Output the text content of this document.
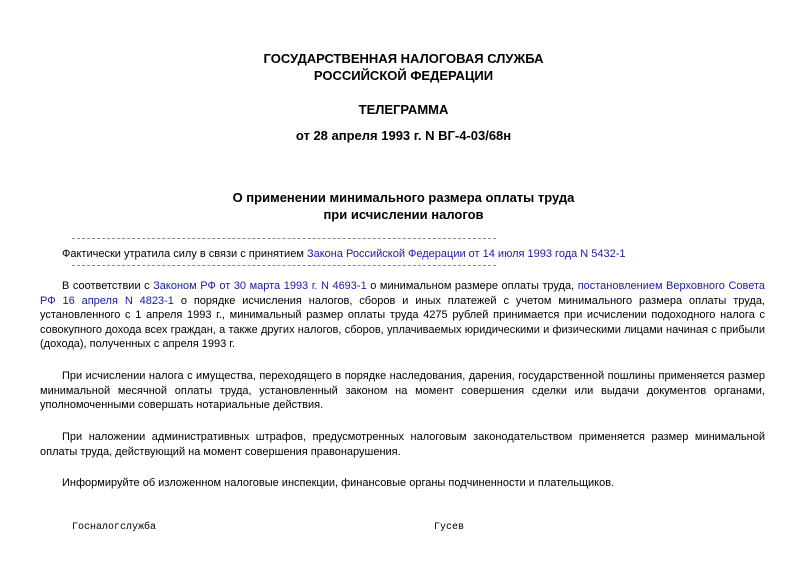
ГОСУДАРСТВЕННАЯ НАЛОГОВАЯ СЛУЖБА
РОССИЙСКОЙ ФЕДЕРАЦИИ
ТЕЛЕГРАММА
от 28 апреля 1993 г. N ВГ-4-03/68н
О применении минимального размера оплаты труда
при исчислении налогов
Фактически утратила силу в связи с принятием Закона Российской Федерации от 14 июля 1993 года N 5432-1
В соответствии с Законом РФ от 30 марта 1993 г. N 4693-1 о минимальном размере оплаты труда, постановлением Верховного Совета РФ 16 апреля N 4823-1 о порядке исчисления налогов, сборов и иных платежей с учетом минимального размера оплаты труда, установленного с 1 апреля 1993 г., минимальный размер оплаты труда 4275 рублей принимается при исчислении подоходного налога с совокупного дохода всех граждан, а также других налогов, сборов, уплачиваемых юридическими и физическими лицами начиная с прибыли (дохода), полученных с апреля 1993 г.
При исчислении налога с имущества, переходящего в порядке наследования, дарения, государственной пошлины применяется размер минимальной месячной оплаты труда, установленный законом на момент совершения сделки или выдачи документов органами, уполномоченными совершать нотариальные действия.
При наложении административных штрафов, предусмотренных налоговым законодательством применяется размер минимальной оплаты труда, действующий на момент совершения правонарушения.
Информируйте об изложенном налоговые инспекции, финансовые органы подчиненности и плательщиков.
Госналогслужба	Гусев
